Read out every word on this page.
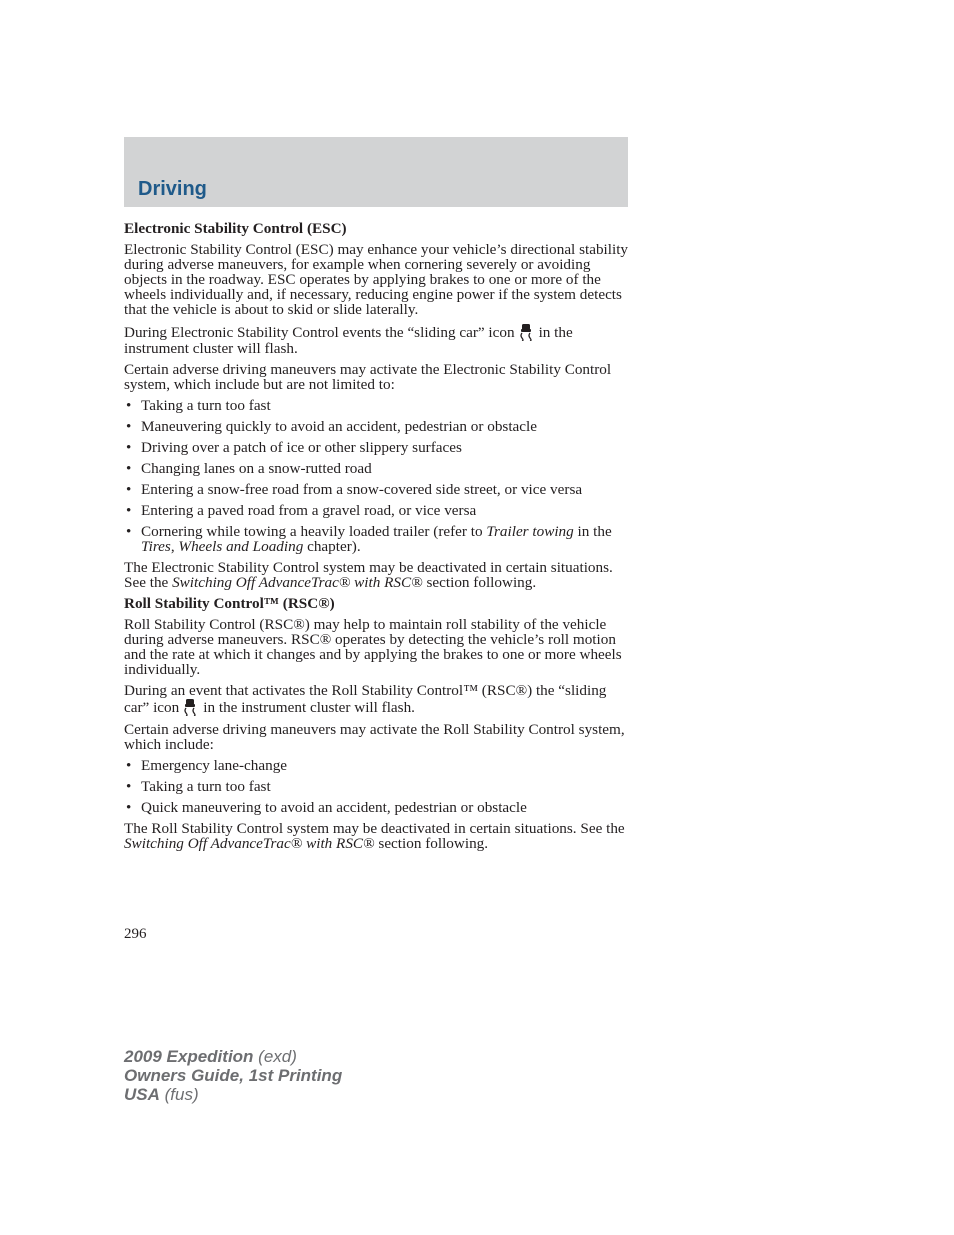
Driving
Electronic Stability Control (ESC)

Electronic Stability Control (ESC) may enhance your vehicle’s directional stability during adverse maneuvers, for example when cornering severely or avoiding objects in the roadway. ESC operates by applying brakes to one or more of the wheels individually and, if necessary, reducing engine power if the system detects that the vehicle is about to skid or slide laterally.

During Electronic Stability Control events the “sliding car” icon in the instrument cluster will flash.

Certain adverse driving maneuvers may activate the Electronic Stability Control system, which include but are not limited to:

• Taking a turn too fast
• Maneuvering quickly to avoid an accident, pedestrian or obstacle
• Driving over a patch of ice or other slippery surfaces
• Changing lanes on a snow-rutted road
• Entering a snow-free road from a snow-covered side street, or vice versa
• Entering a paved road from a gravel road, or vice versa
• Cornering while towing a heavily loaded trailer (refer to Trailer towing in the Tires, Wheels and Loading chapter).

The Electronic Stability Control system may be deactivated in certain situations. See the Switching Off AdvanceTrac® with RSC® section following.

Roll Stability Control™ (RSC®)

Roll Stability Control (RSC®) may help to maintain roll stability of the vehicle during adverse maneuvers. RSC® operates by detecting the vehicle’s roll motion and the rate at which it changes and by applying the brakes to one or more wheels individually.

During an event that activates the Roll Stability Control™ (RSC®) the “sliding car” icon in the instrument cluster will flash.

Certain adverse driving maneuvers may activate the Roll Stability Control system, which include:

• Emergency lane-change
• Taking a turn too fast
• Quick maneuvering to avoid an accident, pedestrian or obstacle

The Roll Stability Control system may be deactivated in certain situations. See the Switching Off AdvanceTrac® with RSC® section following.

296
2009 Expedition (exd)
Owners Guide, 1st Printing
USA (fus)
